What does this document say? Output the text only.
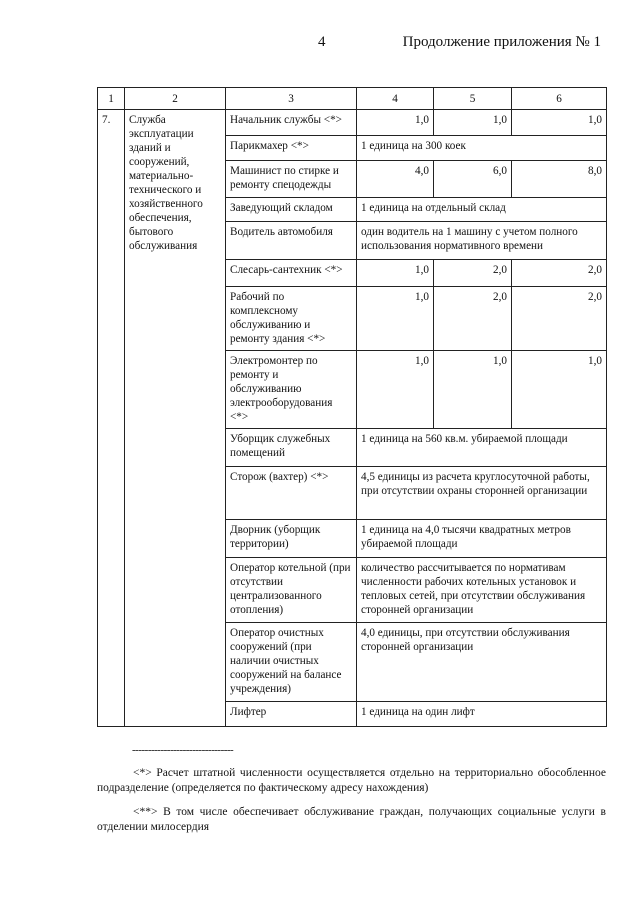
4	Продолжение приложения № 1
1	2	3	4	5	6
7.	Служба эксплуатации зданий и сооружений, материально-технического и хозяйственного обеспечения, бытового обслуживания	Начальник службы <*>	1,0	1,0	1,0
		Парикмахер <*>	1 единица на 300 коек		
		Машинист по стирке и ремонту спецодежды	4,0	6,0	8,0
		Заведующий складом	1 единица на отдельный склад		
		Водитель автомобиля	один водитель на 1 машину с учетом полного использования нормативного времени		
		Слесарь-сантехник <*>	1,0	2,0	2,0
		Рабочий по комплексному обслуживанию и ремонту здания <*>	1,0	2,0	2,0
		Электромонтер по ремонту и обслуживанию электрооборудования <*>	1,0	1,0	1,0
		Уборщик служебных помещений	1 единица на 560 кв.м. убираемой площади		
		Сторож (вахтер) <*>	4,5 единицы из расчета круглосуточной работы, при отсутствии охраны сторонней организации		
		Дворник (уборщик территории)	1 единица на 4,0 тысячи квадратных метров убираемой площади		
		Оператор котельной (при отсутствии централизованного отопления)	количество рассчитывается по нормативам численности рабочих котельных установок и тепловых сетей, при отсутствии обслуживания сторонней организации		
		Оператор очистных сооружений (при наличии очистных сооружений на балансе учреждения)	4,0 единицы, при отсутствии обслуживания сторонней организации		
		Лифтер	1 единица на один лифт		
--------------------------------
<*> Расчет штатной численности осуществляется отдельно на территориально обособленное подразделение (определяется по фактическому адресу нахождения)
<**> В том числе обеспечивает обслуживание граждан, получающих социальные услуги в отделении милосердия
